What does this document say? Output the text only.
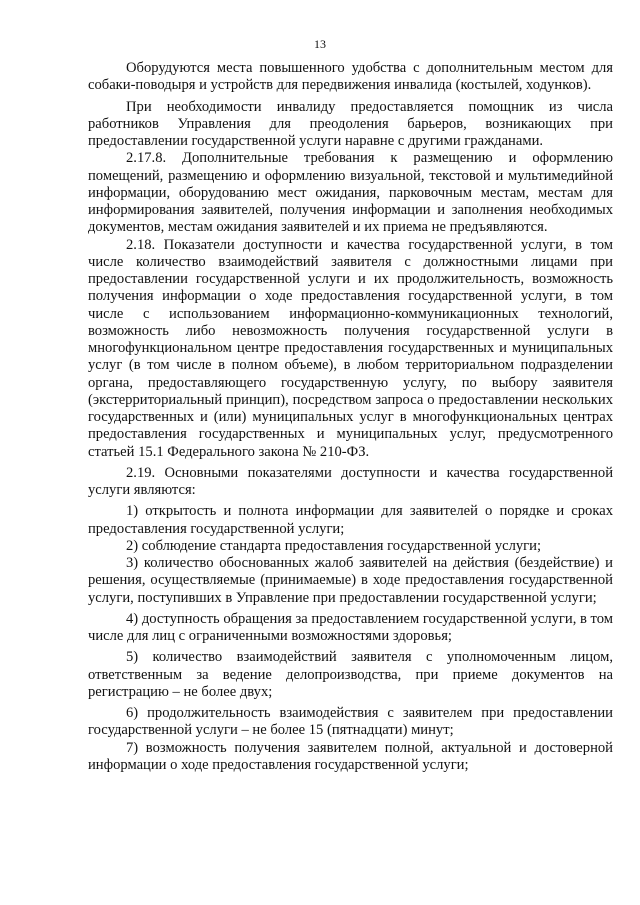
13

Оборудуются места повышенного удобства с дополнительным местом для собаки-поводыря и устройств для передвижения инвалида (костылей, ходунков).

При необходимости инвалиду предоставляется помощник из числа работников Управления для преодоления барьеров, возникающих при предоставлении государственной услуги наравне с другими гражданами.

2.17.8. Дополнительные требования к размещению и оформлению помещений, размещению и оформлению визуальной, текстовой и мультимедийной информации, оборудованию мест ожидания, парковочным местам, местам для информирования заявителей, получения информации и заполнения необходимых документов, местам ожидания заявителей и их приема не предъявляются.

2.18. Показатели доступности и качества государственной услуги, в том числе количество взаимодействий заявителя с должностными лицами при предоставлении государственной услуги и их продолжительность, возможность получения информации о ходе предоставления государственной услуги, в том числе с использованием информационно-коммуникационных технологий, возможность либо невозможность получения государственной услуги в многофункциональном центре предоставления государственных и муниципальных услуг (в том числе в полном объеме), в любом территориальном подразделении органа, предоставляющего государственную услугу, по выбору заявителя (экстерриториальный принцип), посредством запроса о предоставлении нескольких государственных и (или) муниципальных услуг в многофункциональных центрах предоставления государственных и муниципальных услуг, предусмотренного статьей 15.1 Федерального закона № 210-ФЗ.

2.19. Основными показателями доступности и качества государственной услуги являются:

1) открытость и полнота информации для заявителей о порядке и сроках предоставления государственной услуги;

2) соблюдение стандарта предоставления государственной услуги;

3) количество обоснованных жалоб заявителей на действия (бездействие) и решения, осуществляемые (принимаемые) в ходе предоставления государственной услуги, поступивших в Управление при предоставлении государственной услуги;

4) доступность обращения за предоставлением государственной услуги, в том числе для лиц с ограниченными возможностями здоровья;

5) количество взаимодействий заявителя с уполномоченным лицом, ответственным за ведение делопроизводства, при приеме документов на регистрацию – не более двух;

6) продолжительность взаимодействия с заявителем при предоставлении государственной услуги – не более 15 (пятнадцати) минут;

7) возможность получения заявителем полной, актуальной и достоверной информации о ходе предоставления государственной услуги;
